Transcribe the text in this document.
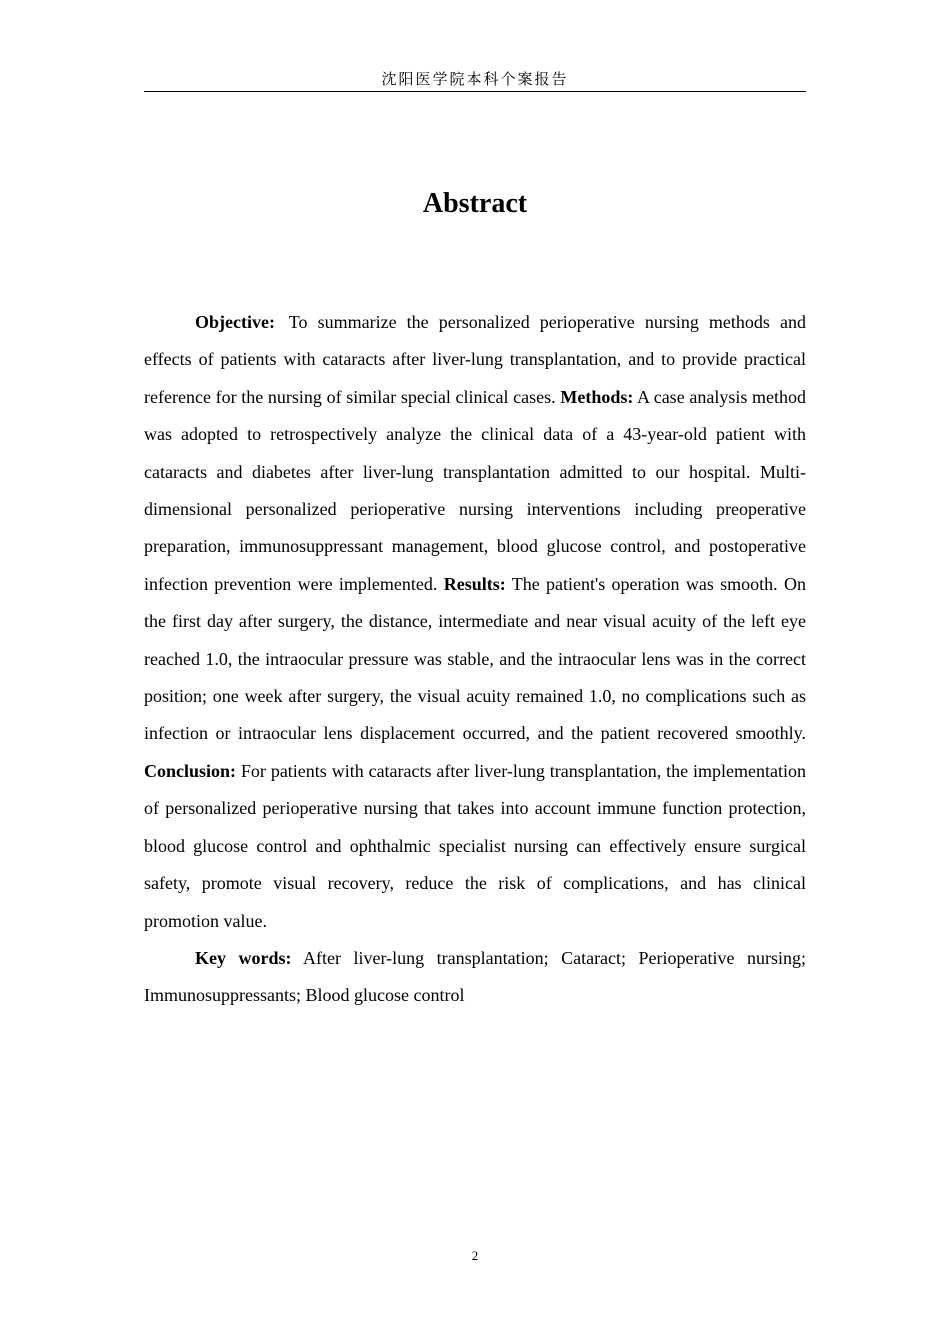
沈阳医学院本科个案报告
Abstract

Objective: To summarize the personalized perioperative nursing methods and effects of patients with cataracts after liver-lung transplantation, and to provide practical reference for the nursing of similar special clinical cases. Methods: A case analysis method was adopted to retrospectively analyze the clinical data of a 43-year-old patient with cataracts and diabetes after liver-lung transplantation admitted to our hospital. Multi-dimensional personalized perioperative nursing interventions including preoperative preparation, immunosuppressant management, blood glucose control, and postoperative infection prevention were implemented. Results: The patient's operation was smooth. On the first day after surgery, the distance, intermediate and near visual acuity of the left eye reached 1.0, the intraocular pressure was stable, and the intraocular lens was in the correct position; one week after surgery, the visual acuity remained 1.0, no complications such as infection or intraocular lens displacement occurred, and the patient recovered smoothly. Conclusion: For patients with cataracts after liver-lung transplantation, the implementation of personalized perioperative nursing that takes into account immune function protection, blood glucose control and ophthalmic specialist nursing can effectively ensure surgical safety, promote visual recovery, reduce the risk of complications, and has clinical promotion value.

Key words: After liver-lung transplantation; Cataract; Perioperative nursing; Immunosuppressants; Blood glucose control

2
